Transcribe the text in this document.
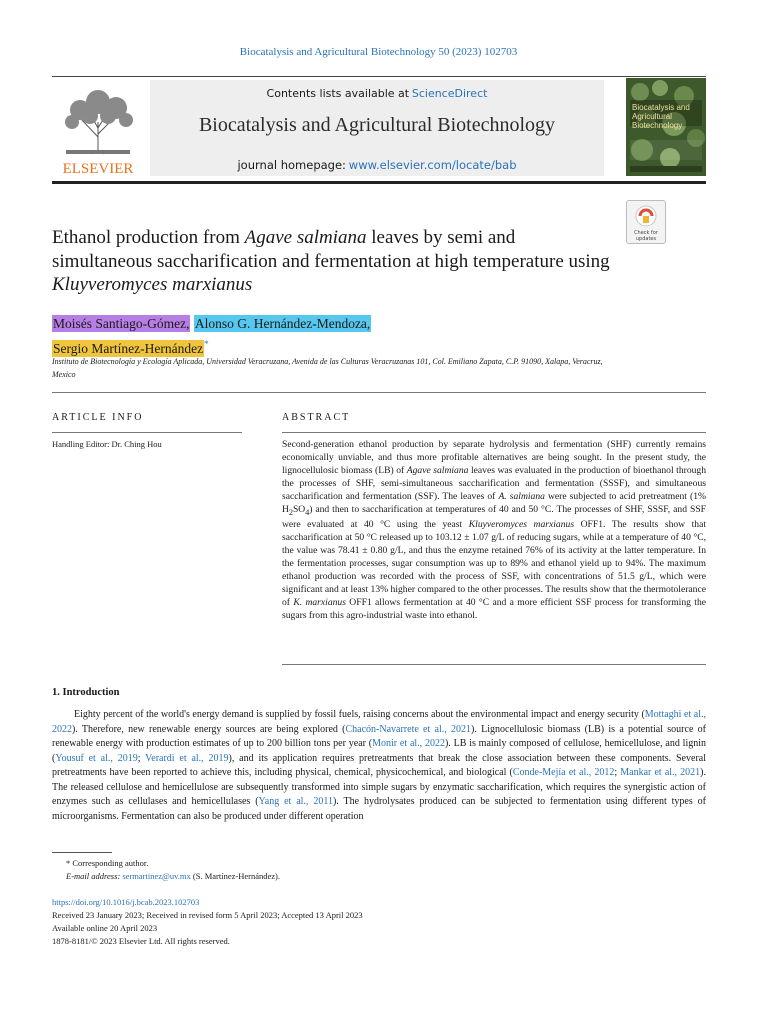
Biocatalysis and Agricultural Biotechnology 50 (2023) 102703
ELSEVIER
Contents lists available at ScienceDirect
Biocatalysis and Agricultural Biotechnology
journal homepage: www.elsevier.com/locate/bab
Biocatalysis and
Agricultural
Biotechnology
Check for
updates
Ethanol production from Agave salmiana leaves by semi and simultaneous saccharification and fermentation at high temperature using Kluyveromyces marxianus
Moisés Santiago-Gómez, Alonso G. Hernández-Mendoza,
Sergio Martínez-Hernández*
Instituto de Biotecnología y Ecología Aplicada, Universidad Veracruzana, Avenida de las Culturas Veracruzanas 101, Col. Emiliano Zapata, C.P. 91090, Xalapa, Veracruz, Mexico
ARTICLE INFO	ABSTRACT
Handling Editor: Dr. Ching Hou	Second-generation ethanol production by separate hydrolysis and fermentation (SHF) currently remains economically unviable, and thus more profitable alternatives are being sought. In the present study, the lignocellulosic biomass (LB) of Agave salmiana leaves was evaluated in the production of bioethanol through the processes of SHF, semi-simultaneous saccharification and fermentation (SSSF), and simultaneous saccharification and fermentation (SSF). The leaves of A. salmiana were subjected to acid pretreatment (1% $H_2SO_4$) and then to saccharification at temperatures of 40 and 50 °C. The processes of SHF, SSSF, and SSF were evaluated at 40 °C using the yeast Kluyveromyces marxianus OFF1. The results show that saccharification at 50 °C released up to 103.12 ± 1.07 g/L of reducing sugars, while at a temperature of 40 °C, the value was 78.41 ± 0.80 g/L, and thus the enzyme retained 76% of its activity at the latter temperature. In the fermentation processes, sugar consumption was up to 89% and ethanol yield up to 94%. The maximum ethanol production was recorded with the process of SSF, with concentrations of 51.5 g/L, which were significant and at least 13% higher compared to the other processes. The results show that the thermotolerance of K. marxianus OFF1 allows fermentation at 40 °C and a more efficient SSF process for transforming the sugars from this agro-industrial waste into ethanol.
1. Introduction
Eighty percent of the world's energy demand is supplied by fossil fuels, raising concerns about the environmental impact and energy security (Mottaghi et al., 2022). Therefore, new renewable energy sources are being explored (Chacón-Navarrete et al., 2021). Lignocellulosic biomass (LB) is a potential source of renewable energy with production estimates of up to 200 billion tons per year (Monir et al., 2022). LB is mainly composed of cellulose, hemicellulose, and lignin (Yousuf et al., 2019; Verardi et al., 2019), and its application requires pretreatments that break the close association between these components. Several pretreatments have been reported to achieve this, including physical, chemical, physicochemical, and biological (Conde-Mejía et al., 2012; Mankar et al., 2021). The released cellulose and hemicellulose are subsequently transformed into simple sugars by enzymatic saccharification, which requires the synergistic action of enzymes such as cellulases and hemicellulases (Yang et al., 2011). The hydrolysates produced can be subjected to fermentation using different types of microorganisms. Fermentation can also be produced under different operation
* Corresponding author.
E-mail address: sermartinez@uv.mx (S. Martínez-Hernández).
https://doi.org/10.1016/j.bcab.2023.102703
Received 23 January 2023; Received in revised form 5 April 2023; Accepted 13 April 2023
Available online 20 April 2023
1878-8181/© 2023 Elsevier Ltd. All rights reserved.
